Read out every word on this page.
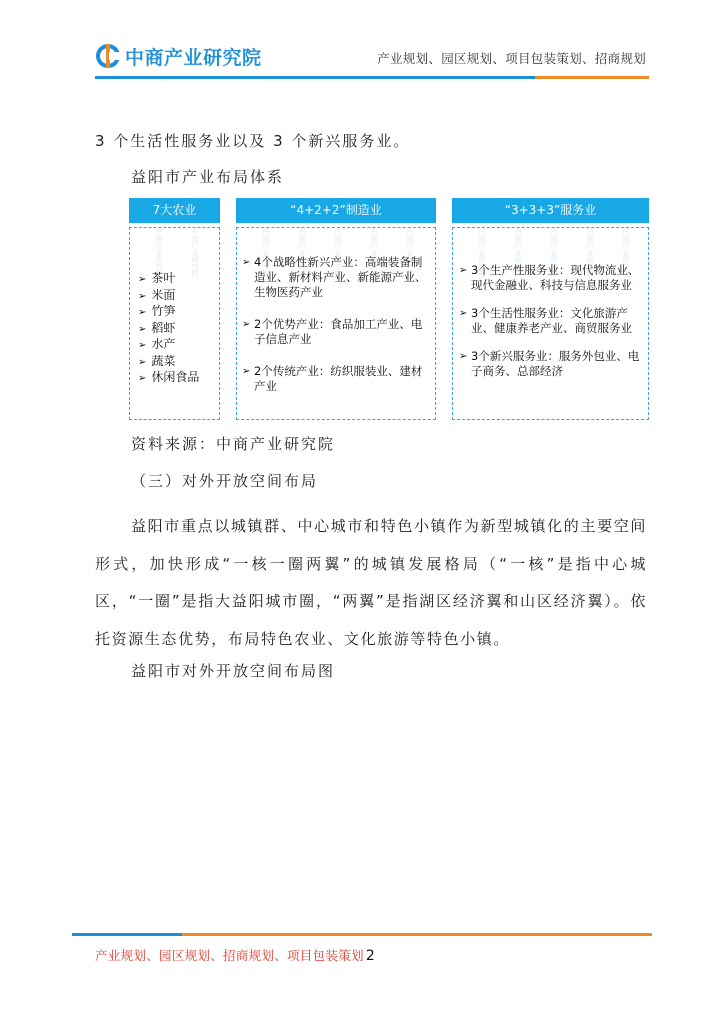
中商产业研究院	产业规划、园区规划、项目包装策划、招商规划
3 个生活性服务业以及 3 个新兴服务业。
益阳市产业布局体系
7大农业
中商产业研究院	中商产业研究院
➢ 茶叶
➢ 米面
➢ 竹笋
➢ 稻虾
➢ 水产
➢ 蔬菜
➢ 休闲食品
“4+2+2”制造业
中商产业研究院	中商产业研究院	中商产业研究院	中商产业研究院	中商产业研究院
➢ 4个战略性新兴产业：高端装备制造业、新材料产业、新能源产业、生物医药产业
➢ 2个优势产业：食品加工产业、电子信息产业
➢ 2个传统产业：纺织服装业、建材产业
“3+3+3”服务业
中商产业研究院	中商产业研究院	中商产业研究院	中商产业研究院	中商产业研究院
➢ 3个生产性服务业：现代物流业、现代金融业、科技与信息服务业
➢ 3个生活性服务业：文化旅游产业、健康养老产业、商贸服务业
➢ 3个新兴服务业：服务外包业、电子商务、总部经济
资料来源：中商产业研究院
（三）对外开放空间布局
益阳市重点以城镇群、中心城市和特色小镇作为新型城镇化的主要空间形式，加快形成“一核一圈两翼”的城镇发展格局（“一核”是指中心城区，“一圈”是指大益阳城市圈，“两翼”是指湖区经济翼和山区经济翼）。依托资源生态优势，布局特色农业、文化旅游等特色小镇。
益阳市对外开放空间布局图
产业规划、园区规划、招商规划、项目包装策划 2
